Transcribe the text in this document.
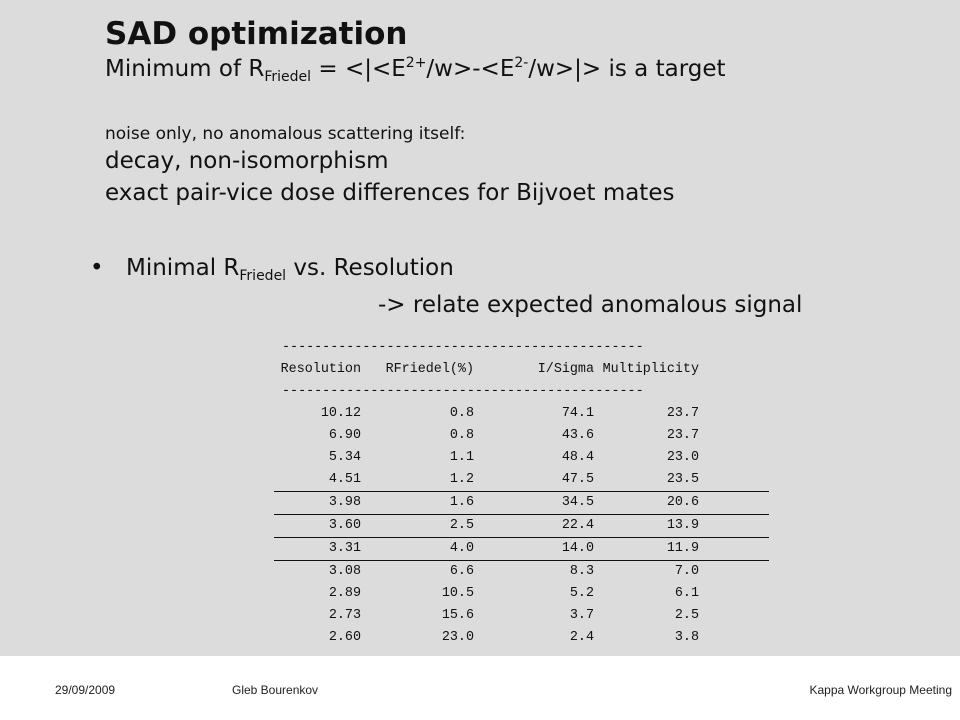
SAD optimization
Minimum of $R_{Friedel} = <|<E^{2+}/w>-<E^{2-}/w>|>$ is a target
noise only, no anomalous scattering itself:
decay, non-isomorphism
exact pair-vice dose differences for Bijvoet mates
• Minimal $R_{Friedel}$ vs. Resolution
-> relate expected anomalous signal
---------------------------------------------
Resolution RFriedel(%)	I/Sigma Multiplicity
---------------------------------------------
10.12	0.8	74.1	23.7
6.90	0.8	43.6	23.7
5.34	1.1	48.4	23.0
4.51	1.2	47.5	23.5
3.98	1.6	34.5	20.6
3.60	2.5	22.4	13.9
3.31	4.0	14.0	11.9
3.08	6.6	8.3	7.0
2.89	10.5	5.2	6.1
2.73	15.6	3.7	2.5
2.60	23.0	2.4	3.8
29/09/2009	Gleb Bourenkov	Kappa Workgroup Meeting
